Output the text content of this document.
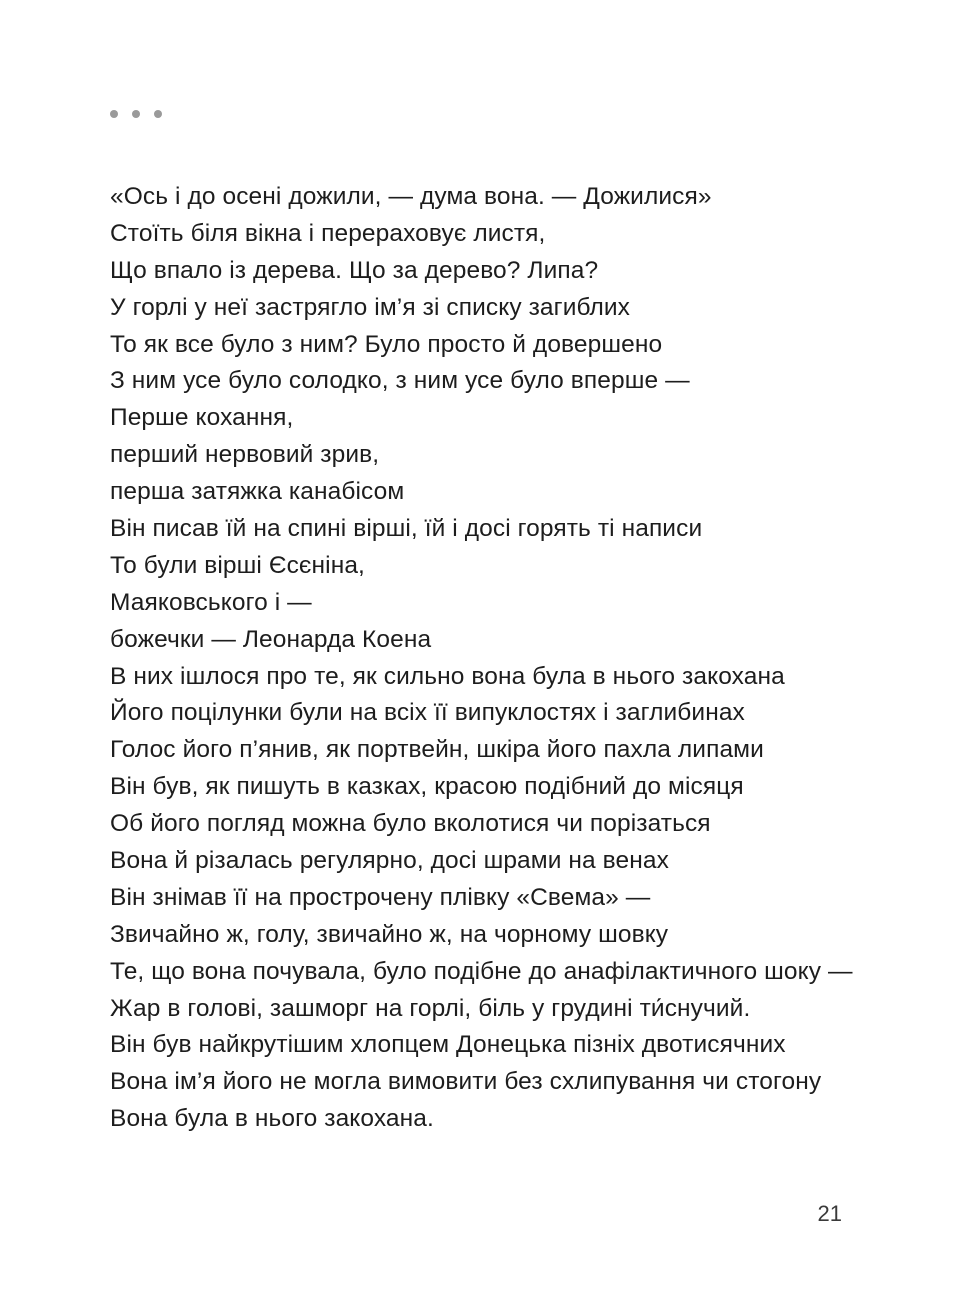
«Ось і до осені дожили, — дума вона. — Дожилися»
Стоїть біля вікна і перераховує листя,
Що впало із дерева. Що за дерево? Липа?
У горлі у неї застрягло ім’я зі списку загиблих
То як все було з ним? Було просто й довершено
З ним усе було солодко, з ним усе було вперше —
Перше кохання,
перший нервовий зрив,
перша затяжка канабісом
Він писав їй на спині вірші, їй і досі горять ті написи
То були вірші Єсєніна,
Маяковського і —
божечки — Леонарда Коена
В них ішлося про те, як сильно вона була в нього закохана
Його поцілунки були на всіх її випуклостях і заглибинах
Голос його п’янив, як портвейн, шкіра його пахла липами
Він був, як пишуть в казках, красою подібний до місяця
Об його погляд можна було вколотися чи порізаться
Вона й різалась регулярно, досі шрами на венах
Він знімав її на прострочену плівку «Свема» —
Звичайно ж, голу, звичайно ж, на чорному шовку
Те, що вона почувала, було подібне до анафілактичного шоку —
Жар в голові, зашморг на горлі, біль у грудині ти́снучий.
Він був найкрутішим хлопцем Донецька пізніх двотисячних
Вона ім’я його не могла вимовити без схлипування чи стогону
Вона була в нього закохана.
21
